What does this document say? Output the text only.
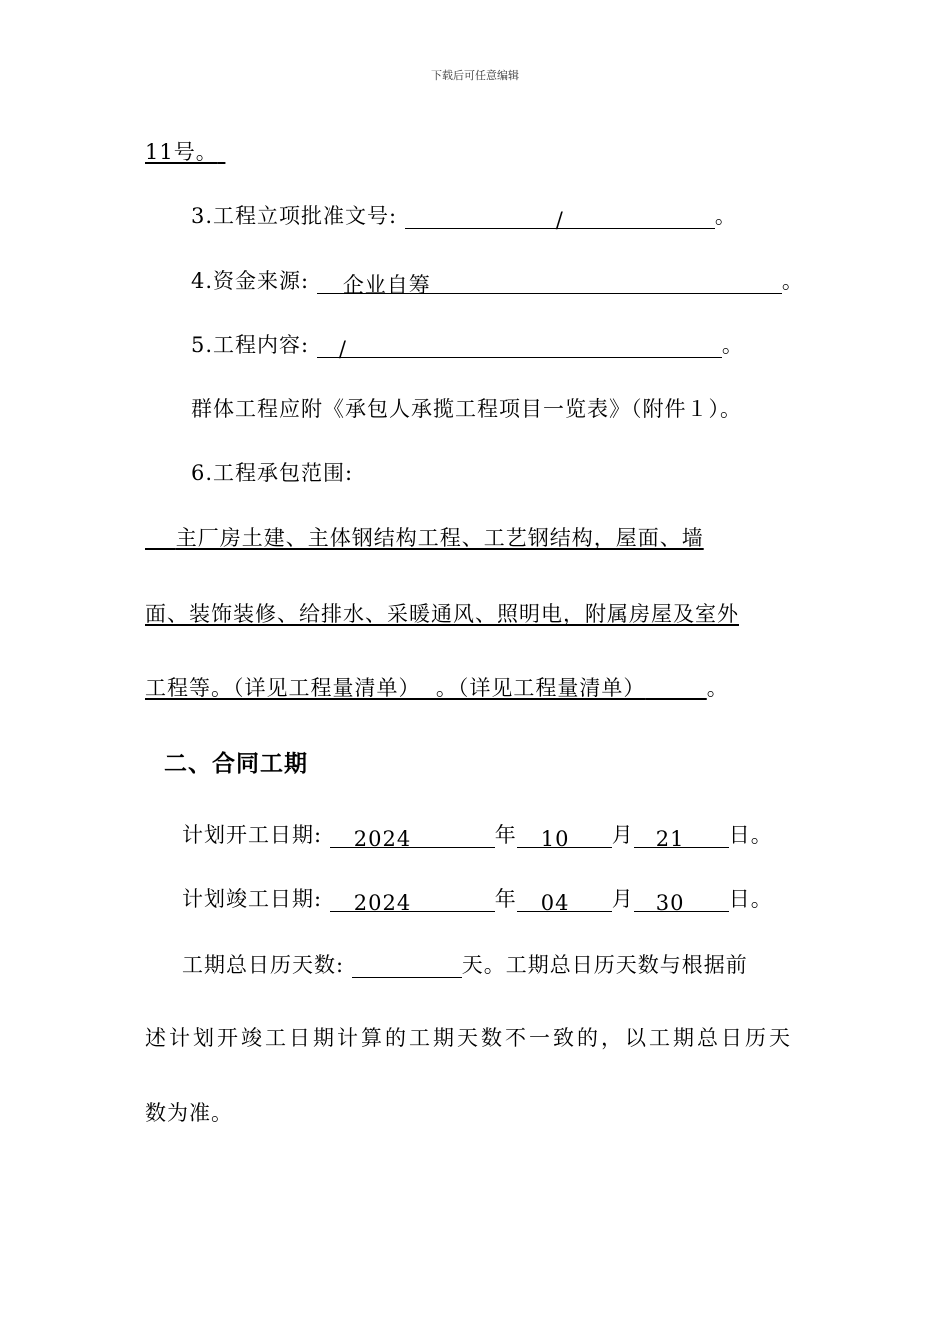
下载后可任意编辑
11号。
3.工程立项批准文号:	/	。
4.资金来源: 企业自筹	。
5.工程内容: /	。
群体工程应附《承包人承揽工程项目一览表》（附件１）。
6.工程承包范围:
主厂房土建、主体钢结构工程、工艺钢结构，屋面、墙
面、装饰装修、给排水、采暖通风、照明电，附属房屋及室外
工程等。（详见工程量清单）  。（详见工程量清单）	。
二、合同工期
计划开工日期: 2024	年 10 月 21 日。
计划竣工日期: 2024	年 04 月 30 日。
工期总日历天数:	天。工期总日历天数与根据前
述计划开竣工日期计算的工期天数不一致的，以工期总日历天
数为准。
